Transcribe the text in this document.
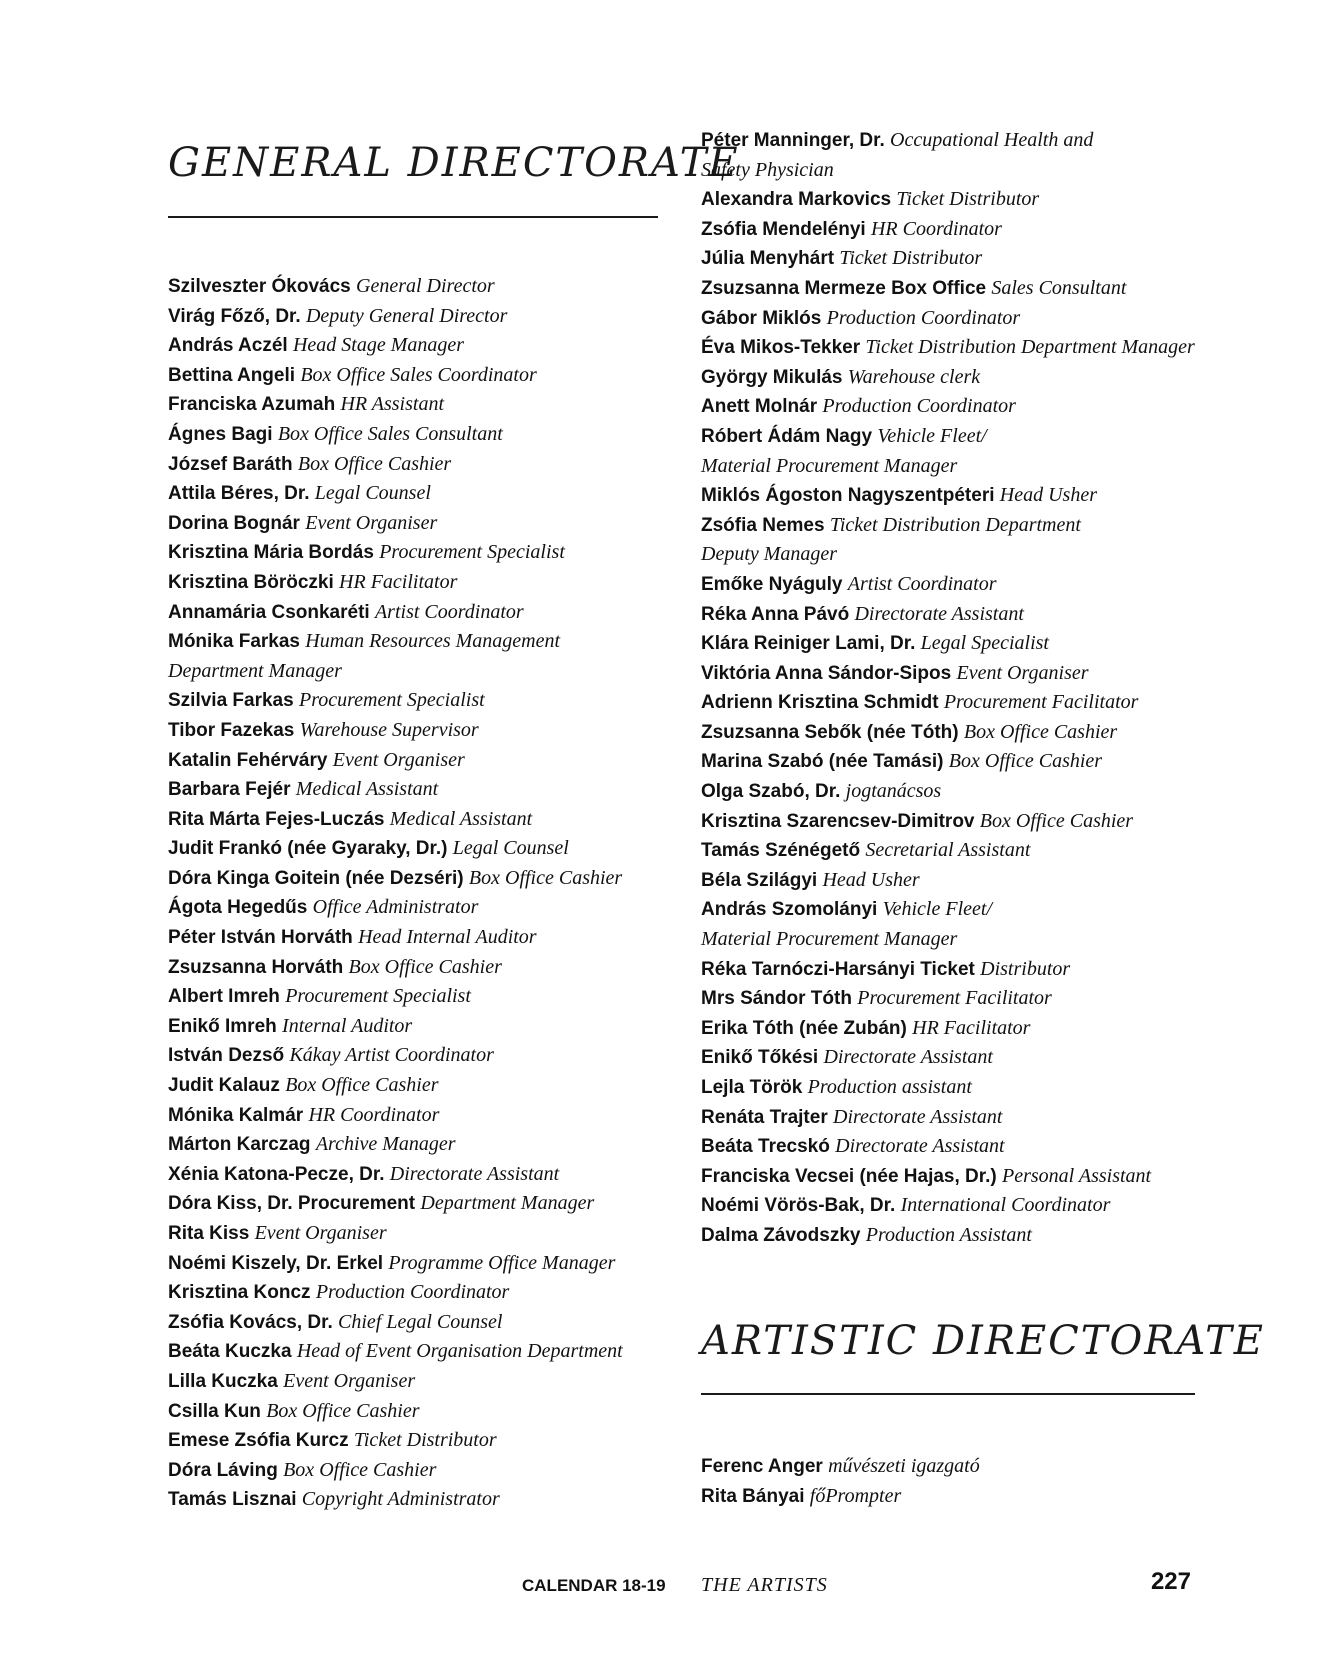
GENERAL DIRECTORATE
Szilveszter Ókovács General Director
Virág Főző, Dr. Deputy General Director
András Aczél Head Stage Manager
Bettina Angeli Box Office Sales Coordinator
Franciska Azumah HR Assistant
Ágnes Bagi Box Office Sales Consultant
József Baráth Box Office Cashier
Attila Béres, Dr. Legal Counsel
Dorina Bognár Event Organiser
Krisztina Mária Bordás Procurement Specialist
Krisztina Böröczki HR Facilitator
Annamária Csonkaréti Artist Coordinator
Mónika Farkas Human Resources Management
Department Manager
Szilvia Farkas Procurement Specialist
Tibor Fazekas Warehouse Supervisor
Katalin Fehérváry Event Organiser
Barbara Fejér Medical Assistant
Rita Márta Fejes-Luczás Medical Assistant
Judit Frankó (née Gyaraky, Dr.) Legal Counsel
Dóra Kinga Goitein (née Dezséri) Box Office Cashier
Ágota Hegedűs Office Administrator
Péter István Horváth Head Internal Auditor
Zsuzsanna Horváth Box Office Cashier
Albert Imreh Procurement Specialist
Enikő Imreh Internal Auditor
István Dezső Kákay Artist Coordinator
Judit Kalauz Box Office Cashier
Mónika Kalmár HR Coordinator
Márton Karczag Archive Manager
Xénia Katona-Pecze, Dr. Directorate Assistant
Dóra Kiss, Dr. Procurement Department Manager
Rita Kiss Event Organiser
Noémi Kiszely, Dr. Erkel Programme Office Manager
Krisztina Koncz Production Coordinator
Zsófia Kovács, Dr. Chief Legal Counsel
Beáta Kuczka Head of Event Organisation Department
Lilla Kuczka Event Organiser
Csilla Kun Box Office Cashier
Emese Zsófia Kurcz Ticket Distributor
Dóra Láving Box Office Cashier
Tamás Lisznai Copyright Administrator
Péter Manninger, Dr. Occupational Health and
Safety Physician
Alexandra Markovics Ticket Distributor
Zsófia Mendelényi HR Coordinator
Júlia Menyhárt Ticket Distributor
Zsuzsanna Mermeze Box Office Sales Consultant
Gábor Miklós Production Coordinator
Éva Mikos-Tekker Ticket Distribution Department Manager
György Mikulás Warehouse clerk
Anett Molnár Production Coordinator
Róbert Ádám Nagy Vehicle Fleet/
Material Procurement Manager
Miklós Ágoston Nagyszentpéteri Head Usher
Zsófia Nemes Ticket Distribution Department
Deputy Manager
Emőke Nyáguly Artist Coordinator
Réka Anna Pávó Directorate Assistant
Klára Reiniger Lami, Dr. Legal Specialist
Viktória Anna Sándor-Sipos Event Organiser
Adrienn Krisztina Schmidt Procurement Facilitator
Zsuzsanna Sebők (née Tóth) Box Office Cashier
Marina Szabó (née Tamási) Box Office Cashier
Olga Szabó, Dr. jogtanácsos
Krisztina Szarencsev-Dimitrov Box Office Cashier
Tamás Szénégető Secretarial Assistant
Béla Szilágyi Head Usher
András Szomolányi Vehicle Fleet/
Material Procurement Manager
Réka Tarnóczi-Harsányi Ticket Distributor
Mrs Sándor Tóth Procurement Facilitator
Erika Tóth (née Zubán) HR Facilitator
Enikő Tőkési Directorate Assistant
Lejla Török Production assistant
Renáta Trajter Directorate Assistant
Beáta Trecskó Directorate Assistant
Franciska Vecsei (née Hajas, Dr.) Personal Assistant
Noémi Vörös-Bak, Dr. International Coordinator
Dalma Závodszky Production Assistant
ARTISTIC DIRECTORATE
Ferenc Anger művészeti igazgató
Rita Bányai főPrompter
CALENDAR 18-19 THE ARTISTS	227
